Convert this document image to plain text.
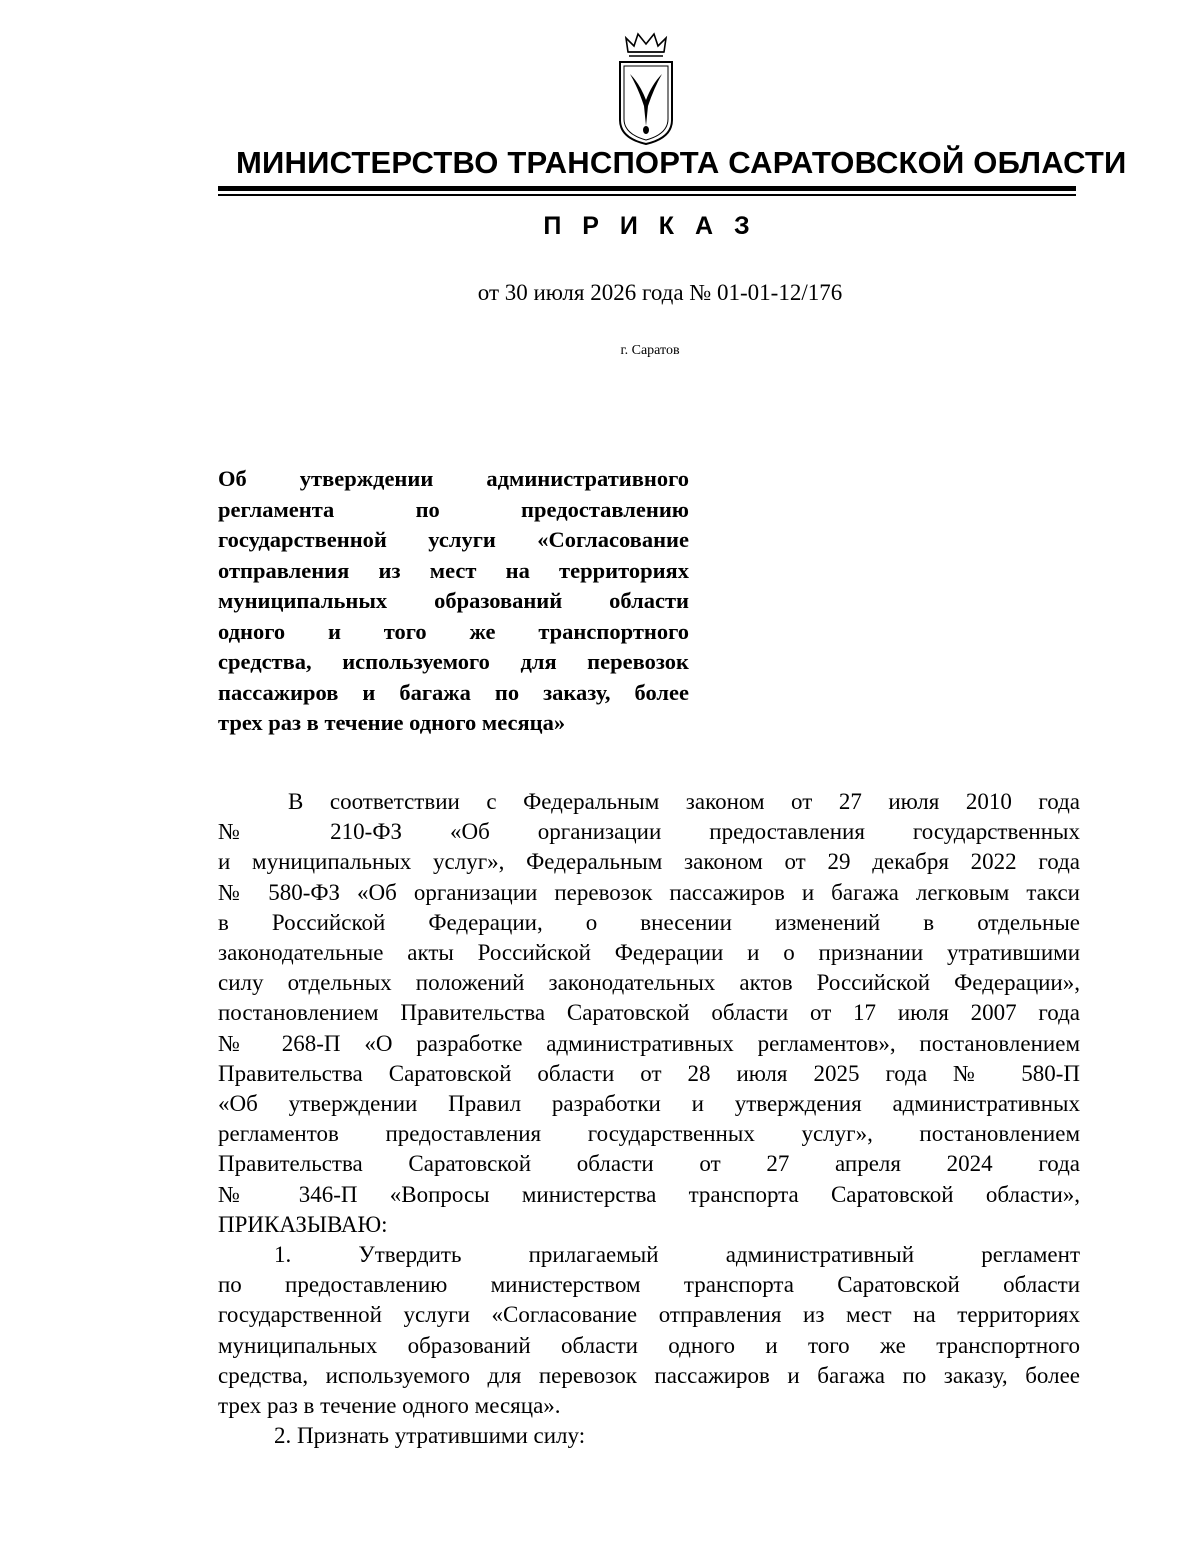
МИНИСТЕРСТВО ТРАНСПОРТА САРАТОВСКОЙ ОБЛАСТИ
П Р И К А З
от 30 июля 2026 года № 01-01-12/176
г. Саратов
Об утверждении административного
регламента по предоставлению
государственной услуги «Согласование
отправления из мест на территориях
муниципальных образований области
одного и того же транспортного
средства, используемого для перевозок
пассажиров и багажа по заказу, более
трех раз в течение одного месяца»
В соответствии с Федеральным законом от 27 июля 2010 года
№ 210-ФЗ «Об организации предоставления государственных
и муниципальных услуг», Федеральным законом от 29 декабря 2022 года
№ 580-ФЗ «Об организации перевозок пассажиров и багажа легковым такси
в Российской Федерации, о внесении изменений в отдельные
законодательные акты Российской Федерации и о признании утратившими
силу отдельных положений законодательных актов Российской Федерации»,
постановлением Правительства Саратовской области от 17 июля 2007 года
№ 268-П «О разработке административных регламентов», постановлением
Правительства Саратовской области от 28 июля 2025 года № 580-П
«Об утверждении Правил разработки и утверждения административных
регламентов предоставления государственных услуг», постановлением
Правительства Саратовской области от 27 апреля 2024 года
№ 346-П «Вопросы министерства транспорта Саратовской области»,
ПРИКАЗЫВАЮ:
1. Утвердить прилагаемый административный регламент
по предоставлению министерством транспорта Саратовской области
государственной услуги «Согласование отправления из мест на территориях
муниципальных образований области одного и того же транспортного
средства, используемого для перевозок пассажиров и багажа по заказу, более
трех раз в течение одного месяца».
2. Признать утратившими силу:
